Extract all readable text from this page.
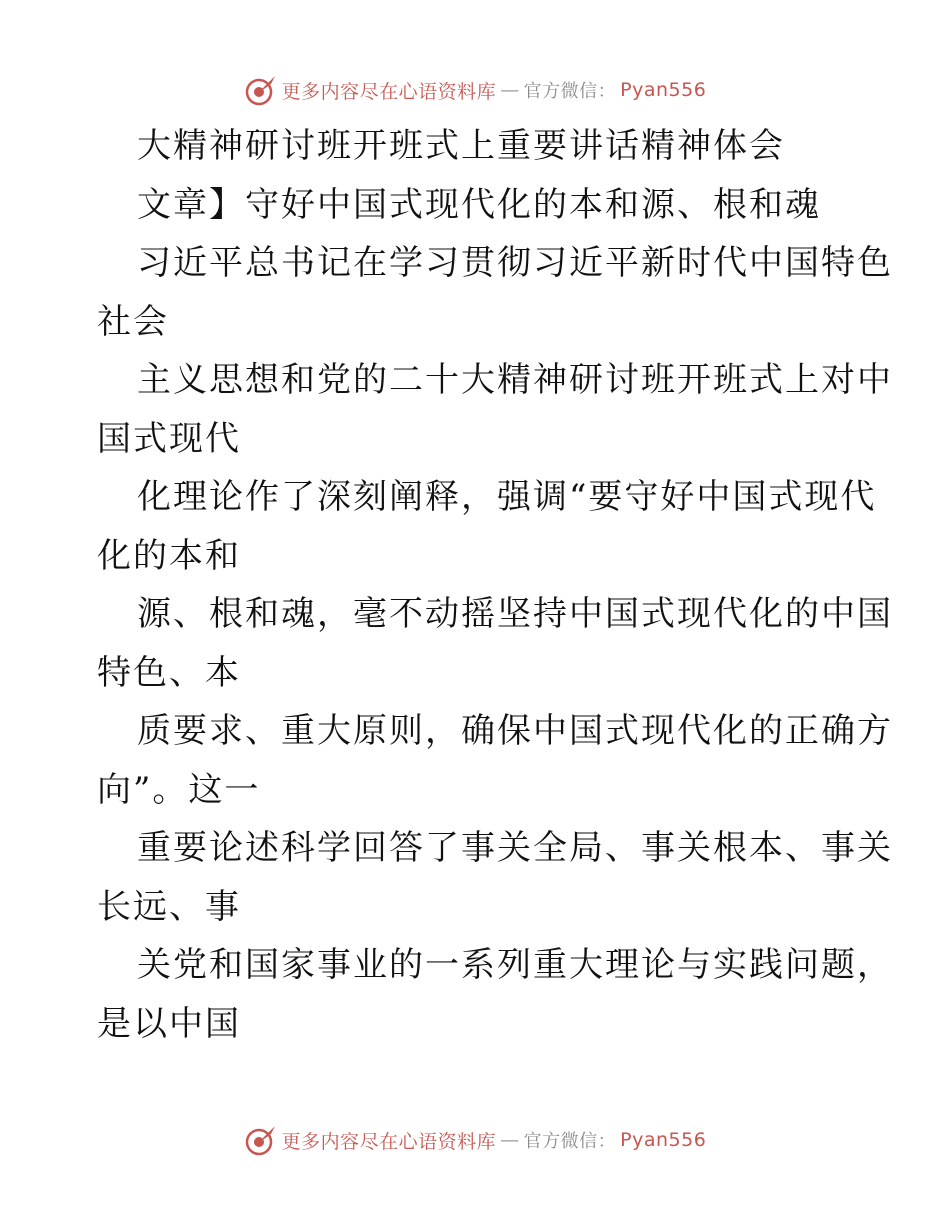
更多内容尽在心语资料库 — 官方微信： Pyan556
大精神研讨班开班式上重要讲话精神体会
文章】守好中国式现代化的本和源、根和魂
习近平总书记在学习贯彻习近平新时代中国特色
社会
主义思想和党的二十大精神研讨班开班式上对中
国式现代
化理论作了深刻阐释，强调“要守好中国式现代
化的本和
源、根和魂，毫不动摇坚持中国式现代化的中国
特色、本
质要求、重大原则，确保中国式现代化的正确方
向”。这一
重要论述科学回答了事关全局、事关根本、事关
长远、事
关党和国家事业的一系列重大理论与实践问题，
是以中国
更多内容尽在心语资料库 — 官方微信： Pyan556
